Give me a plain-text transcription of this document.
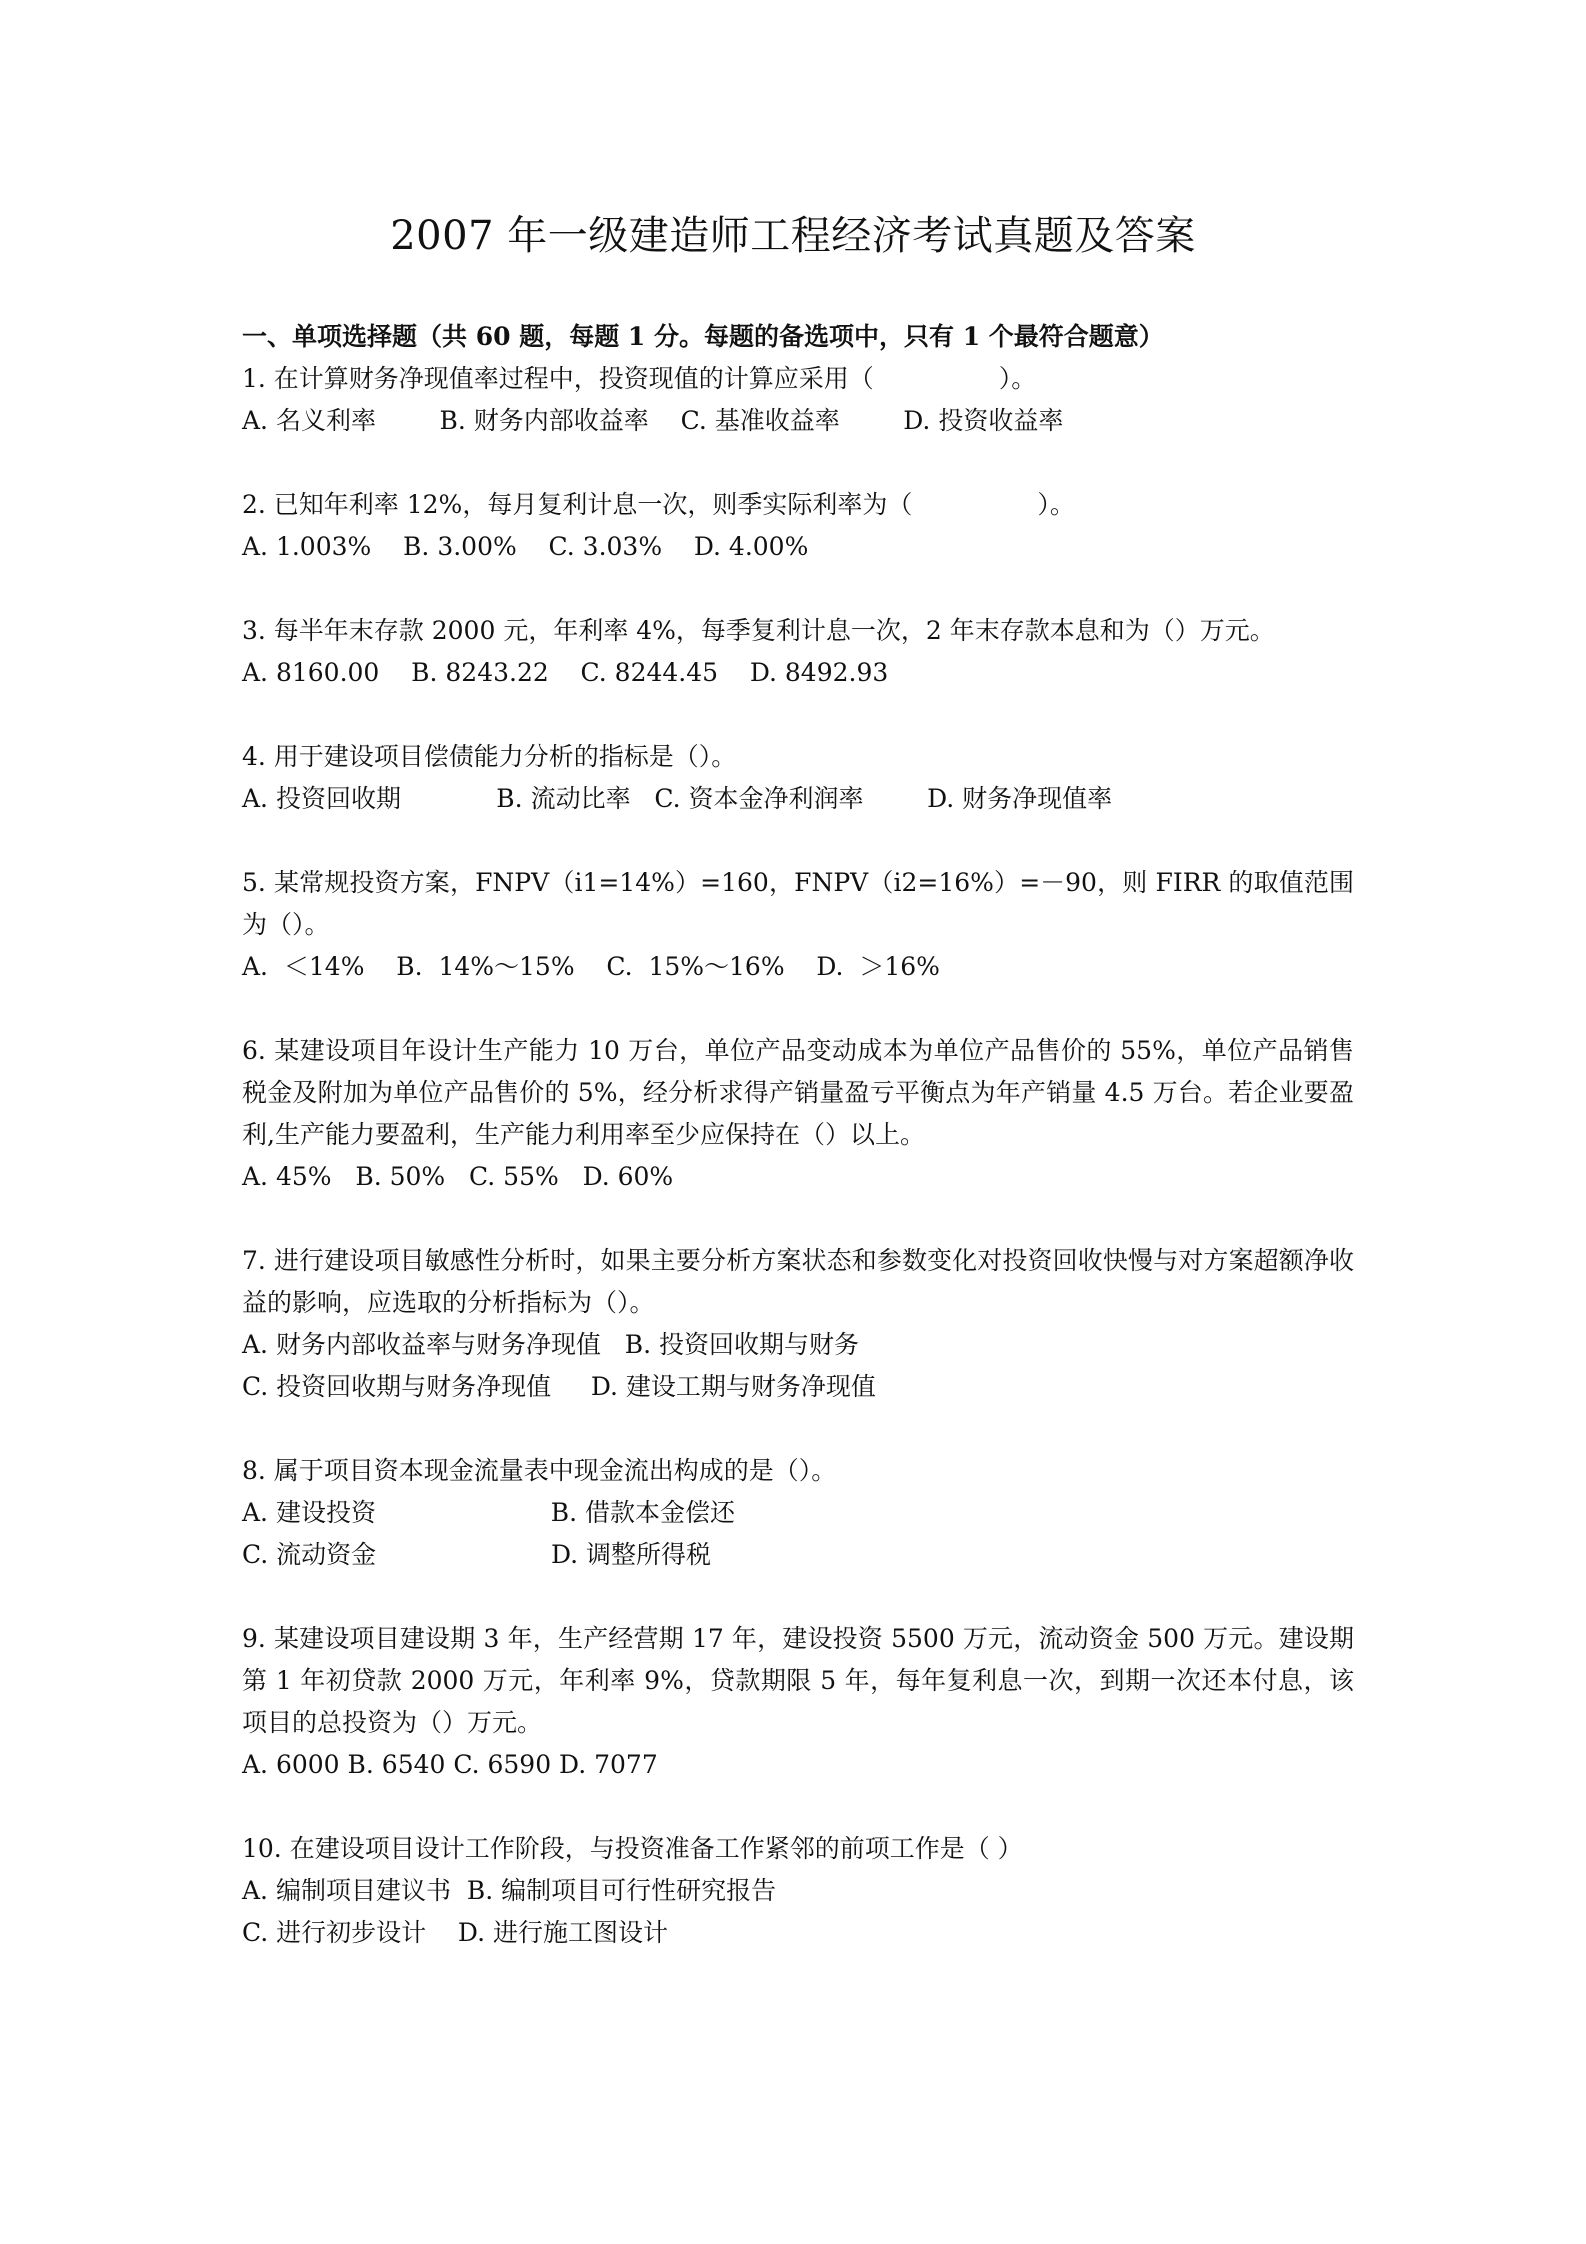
2007 年一级建造师工程经济考试真题及答案
一、单项选择题（共 60 题，每题 1 分。每题的备选项中，只有 1 个最符合题意）
1. 在计算财务净现值率过程中，投资现值的计算应采用（　　　　　）。
A. 名义利率        B. 财务内部收益率    C. 基准收益率        D. 投资收益率
2. 已知年利率 12%，每月复利计息一次，则季实际利率为（　　　　　）。
A. 1.003%    B. 3.00%    C. 3.03%    D. 4.00%
3. 每半年末存款 2000 元，年利率 4%，每季复利计息一次，2 年末存款本息和为（）万元。
A. 8160.00    B. 8243.22    C. 8244.45    D. 8492.93
4. 用于建设项目偿债能力分析的指标是（）。
A. 投资回收期            B. 流动比率   C. 资本金净利润率        D. 财务净现值率
5. 某常规投资方案，FNPV（i1=14%）=160，FNPV（i2=16%）=－90，则 FIRR 的取值范围为（）。
A.  ＜14%    B.  14%～15%    C.  15%～16%    D.  ＞16%
6. 某建设项目年设计生产能力 10 万台，单位产品变动成本为单位产品售价的 55%，单位产品销售税金及附加为单位产品售价的 5%，经分析求得产销量盈亏平衡点为年产销量 4.5 万台。若企业要盈利,生产能力要盈利，生产能力利用率至少应保持在（）以上。
A. 45%   B. 50%   C. 55%   D. 60%
7. 进行建设项目敏感性分析时，如果主要分析方案状态和参数变化对投资回收快慢与对方案超额净收益的影响，应选取的分析指标为（）。
A. 财务内部收益率与财务净现值   B. 投资回收期与财务
C. 投资回收期与财务净现值     D. 建设工期与财务净现值
8. 属于项目资本现金流量表中现金流出构成的是（）。
A. 建设投资                      B. 借款本金偿还
C. 流动资金                      D. 调整所得税
9. 某建设项目建设期 3 年，生产经营期 17 年，建设投资 5500 万元，流动资金 500 万元。建设期第 1 年初贷款 2000 万元，年利率 9%，贷款期限 5 年，每年复利息一次，到期一次还本付息，该项目的总投资为（）万元。
A. 6000 B. 6540 C. 6590 D. 7077
10. 在建设项目设计工作阶段，与投资准备工作紧邻的前项工作是（ ）
A. 编制项目建议书  B. 编制项目可行性研究报告
C. 进行初步设计    D. 进行施工图设计
